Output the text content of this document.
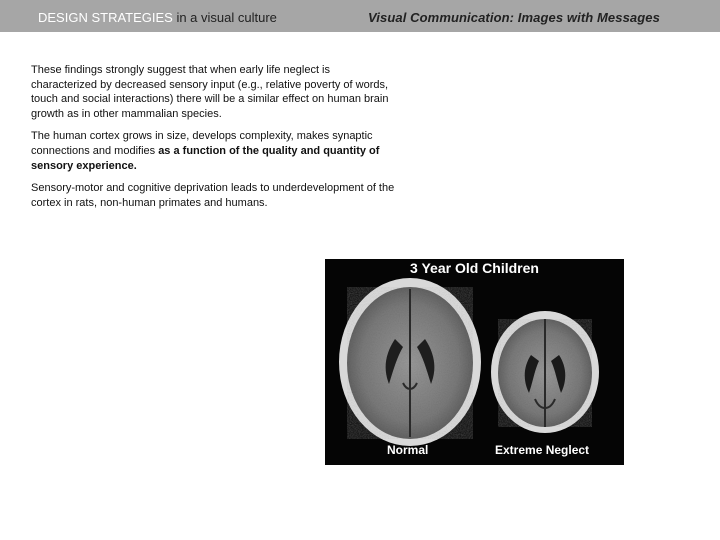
DESIGN STRATEGIES in a visual culture	Visual Communication: Images with Messages

These findings strongly suggest that when early life neglect is characterized by decreased sensory input (e.g., relative poverty of words, touch and social interactions) there will be a similar effect on human brain growth as in other mammalian species.

The human cortex grows in size, develops complexity, makes synaptic connections and modifies as a function of the quality and quantity of sensory experience.

Sensory-motor and cognitive deprivation leads to underdevelopment of the cortex in rats, non-human primates and humans.

3 Year Old Children
Normal	Extreme Neglect
